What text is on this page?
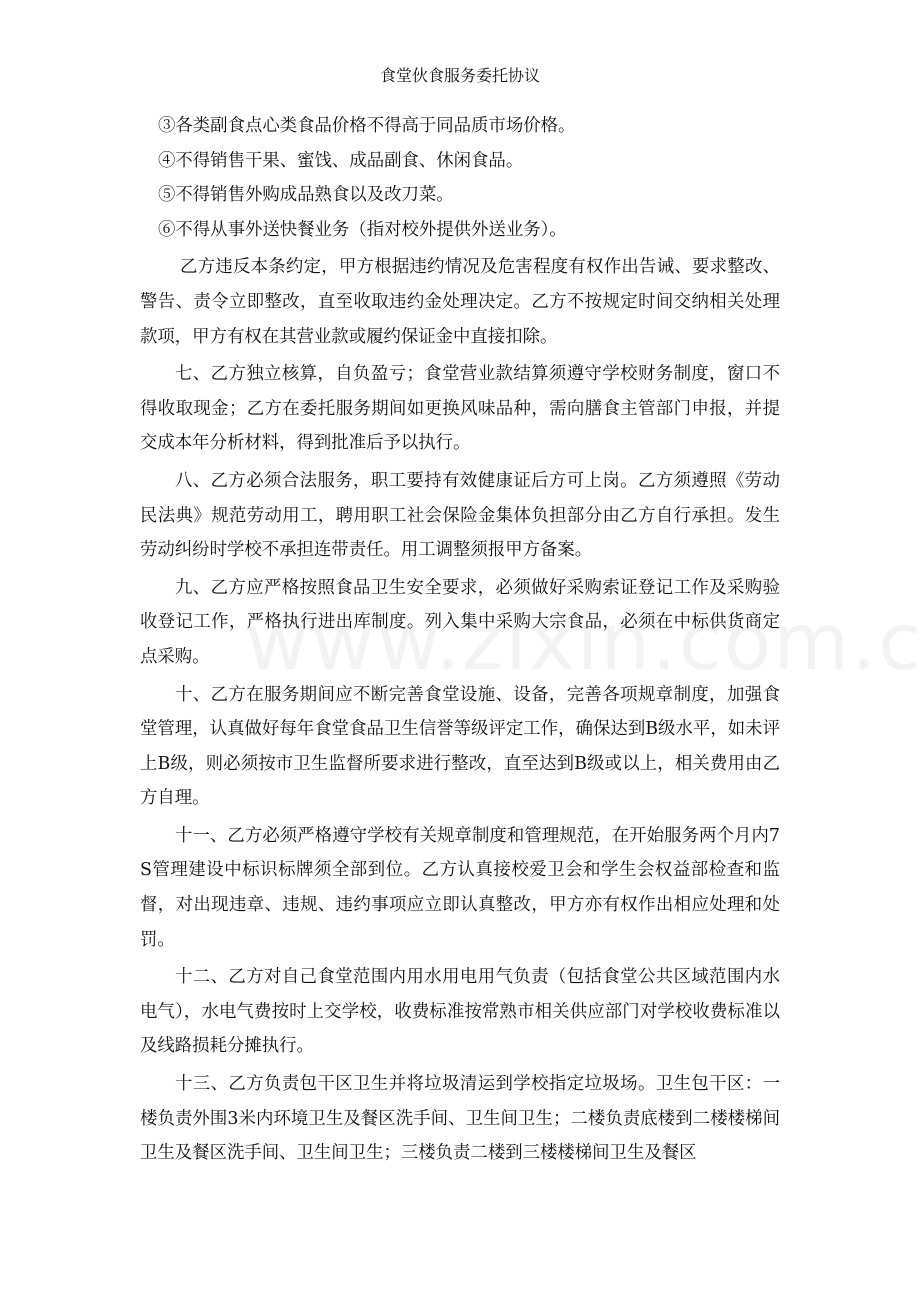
食堂伙食服务委托协议

③各类副食点心类食品价格不得高于同品质市场价格。

④不得销售干果、蜜饯、成品副食、休闲食品。

⑤不得销售外购成品熟食以及改刀菜。

⑥不得从事外送快餐业务（指对校外提供外送业务）。

乙方违反本条约定，甲方根据违约情况及危害程度有权作出告诫、要求整改、警告、责令立即整改，直至收取违约金处理决定。乙方不按规定时间交纳相关处理款项，甲方有权在其营业款或履约保证金中直接扣除。

七、乙方独立核算，自负盈亏；食堂营业款结算须遵守学校财务制度，窗口不得收取现金；乙方在委托服务期间如更换风味品种，需向膳食主管部门申报，并提交成本年分析材料，得到批准后予以执行。

八、乙方必须合法服务，职工要持有效健康证后方可上岗。乙方须遵照《劳动民法典》规范劳动用工，聘用职工社会保险金集体负担部分由乙方自行承担。发生劳动纠纷时学校不承担连带责任。用工调整须报甲方备案。

九、乙方应严格按照食品卫生安全要求，必须做好采购索证登记工作及采购验收登记工作，严格执行进出库制度。列入集中采购大宗食品，必须在中标供货商定点采购。

十、乙方在服务期间应不断完善食堂设施、设备，完善各项规章制度，加强食堂管理，认真做好每年食堂食品卫生信誉等级评定工作，确保达到B级水平，如未评上B级，则必须按市卫生监督所要求进行整改，直至达到B级或以上，相关费用由乙方自理。

十一、乙方必须严格遵守学校有关规章制度和管理规范，在开始服务两个月内7S管理建设中标识标牌须全部到位。乙方认真接校爱卫会和学生会权益部检查和监督，对出现违章、违规、违约事项应立即认真整改，甲方亦有权作出相应处理和处罚。

十二、乙方对自己食堂范围内用水用电用气负责（包括食堂公共区域范围内水电气），水电气费按时上交学校，收费标准按常熟市相关供应部门对学校收费标准以及线路损耗分摊执行。

十三、乙方负责包干区卫生并将垃圾清运到学校指定垃圾场。卫生包干区：一楼负责外围3米内环境卫生及餐区洗手间、卫生间卫生；二楼负责底楼到二楼楼梯间卫生及餐区洗手间、卫生间卫生；三楼负责二楼到三楼楼梯间卫生及餐区
